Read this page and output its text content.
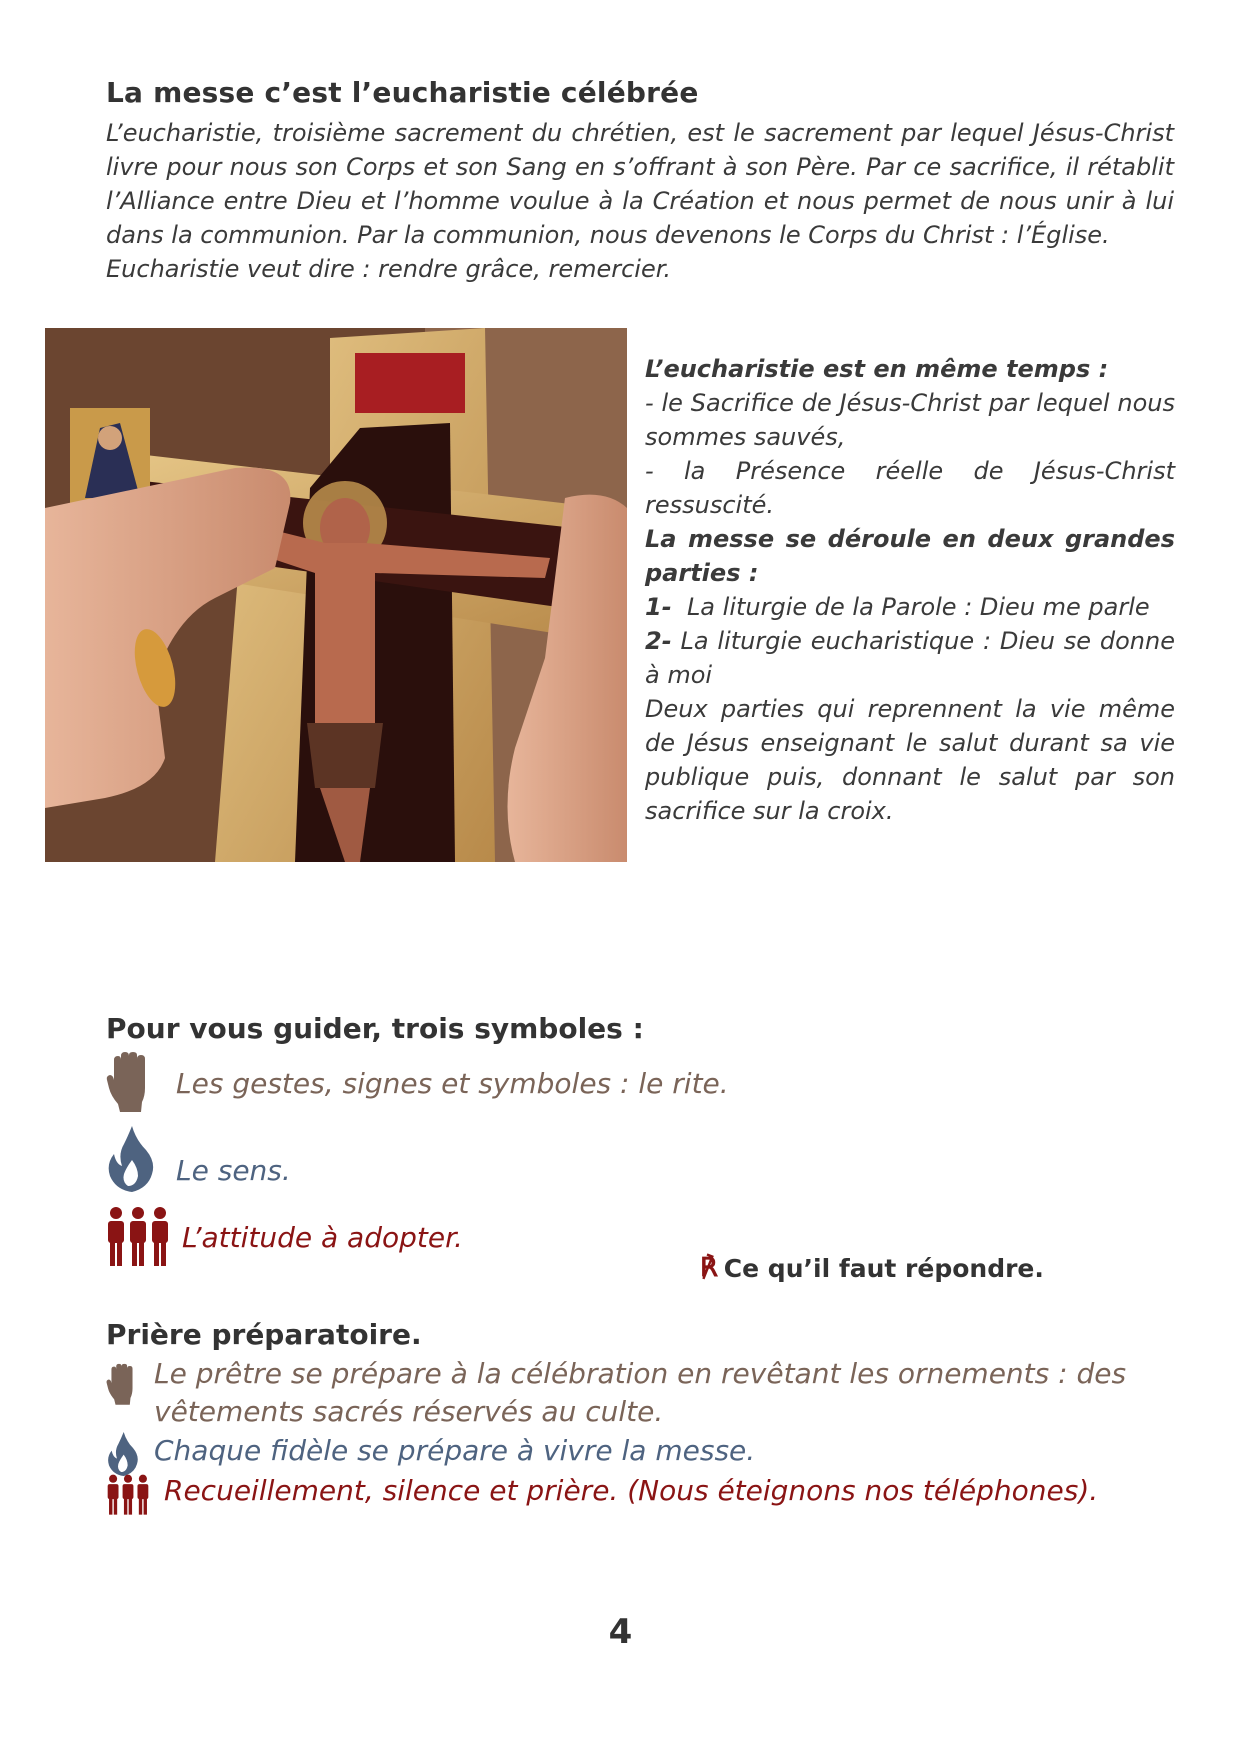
La messe c’est l’eucharistie célébrée

L’eucharistie, troisième sacrement du chrétien, est le sacrement par lequel Jésus-Christ livre pour nous son Corps et son Sang en s’offrant à son Père. Par ce sacrifice, il rétablit l’Alliance entre Dieu et l’homme voulue à la Création et nous permet de nous unir à lui dans la communion. Par la communion, nous devenons le Corps du Christ : l’Église.

Eucharistie veut dire : rendre grâce, remercier.

L’eucharistie est en même temps :

- le Sacrifice de Jésus-Christ par lequel nous sommes sauvés,

- la Présence réelle de Jésus-Christ ressuscité.

La messe se déroule en deux grandes parties :

1- La liturgie de la Parole : Dieu me parle

2- La liturgie eucharistique : Dieu se donne à moi

Deux parties qui reprennent la vie même de Jésus enseignant le salut durant sa vie publique puis, donnant le salut par son sacrifice sur la croix.

Pour vous guider, trois symboles :
Les gestes, signes et symboles : le rite.
Le sens.
L’attitude à adopter.
℟ Ce qu’il faut répondre.
Prière préparatoire.
Le prêtre se prépare à la célébration en revêtant les ornements : des vêtements sacrés réservés au culte.
Chaque fidèle se prépare à vivre la messe.
Recueillement, silence et prière. (Nous éteignons nos téléphones).
4
